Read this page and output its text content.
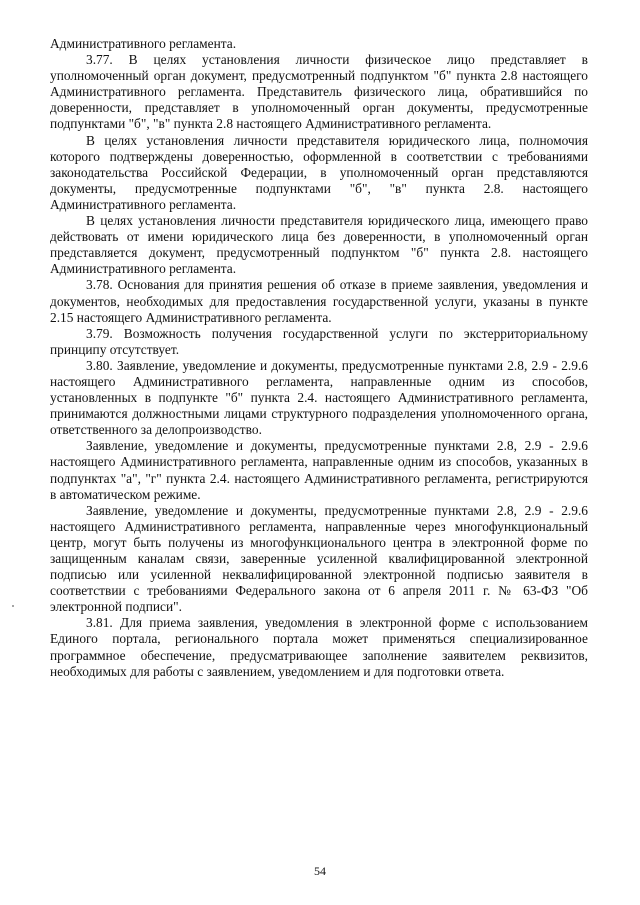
Административного регламента.

3.77. В целях установления личности физическое лицо представляет в уполномоченный орган документ, предусмотренный подпунктом "б" пункта 2.8 настоящего Административного регламента. Представитель физического лица, обратившийся по доверенности, представляет в уполномоченный орган документы, предусмотренные подпунктами "б", "в" пункта 2.8 настоящего Административного регламента.

В целях установления личности представителя юридического лица, полномочия которого подтверждены доверенностью, оформленной в соответствии с требованиями законодательства Российской Федерации, в уполномоченный орган представляются документы, предусмотренные подпунктами "б", "в" пункта 2.8. настоящего Административного регламента.

В целях установления личности представителя юридического лица, имеющего право действовать от имени юридического лица без доверенности, в уполномоченный орган представляется документ, предусмотренный подпунктом "б" пункта 2.8. настоящего Административного регламента.

3.78. Основания для принятия решения об отказе в приеме заявления, уведомления и документов, необходимых для предоставления государственной услуги, указаны в пункте 2.15 настоящего Административного регламента.

3.79. Возможность получения государственной услуги по экстерриториальному принципу отсутствует.

3.80. Заявление, уведомление и документы, предусмотренные пунктами 2.8, 2.9 - 2.9.6 настоящего Административного регламента, направленные одним из способов, установленных в подпункте "б" пункта 2.4. настоящего Административного регламента, принимаются должностными лицами структурного подразделения уполномоченного органа, ответственного за делопроизводство.

Заявление, уведомление и документы, предусмотренные пунктами 2.8, 2.9 - 2.9.6 настоящего Административного регламента, направленные одним из способов, указанных в подпунктах "а", "г" пункта 2.4. настоящего Административного регламента, регистрируются в автоматическом режиме.

Заявление, уведомление и документы, предусмотренные пунктами 2.8, 2.9 - 2.9.6 настоящего Административного регламента, направленные через многофункциональный центр, могут быть получены из многофункционального центра в электронной форме по защищенным каналам связи, заверенные усиленной квалифицированной электронной подписью или усиленной неквалифицированной электронной подписью заявителя в соответствии с требованиями Федерального закона от 6 апреля 2011 г. № 63-ФЗ "Об электронной подписи".

3.81. Для приема заявления, уведомления в электронной форме с использованием Единого портала, регионального портала может применяться специализированное программное обеспечение, предусматривающее заполнение заявителем реквизитов, необходимых для работы с заявлением, уведомлением и для подготовки ответа.

54
